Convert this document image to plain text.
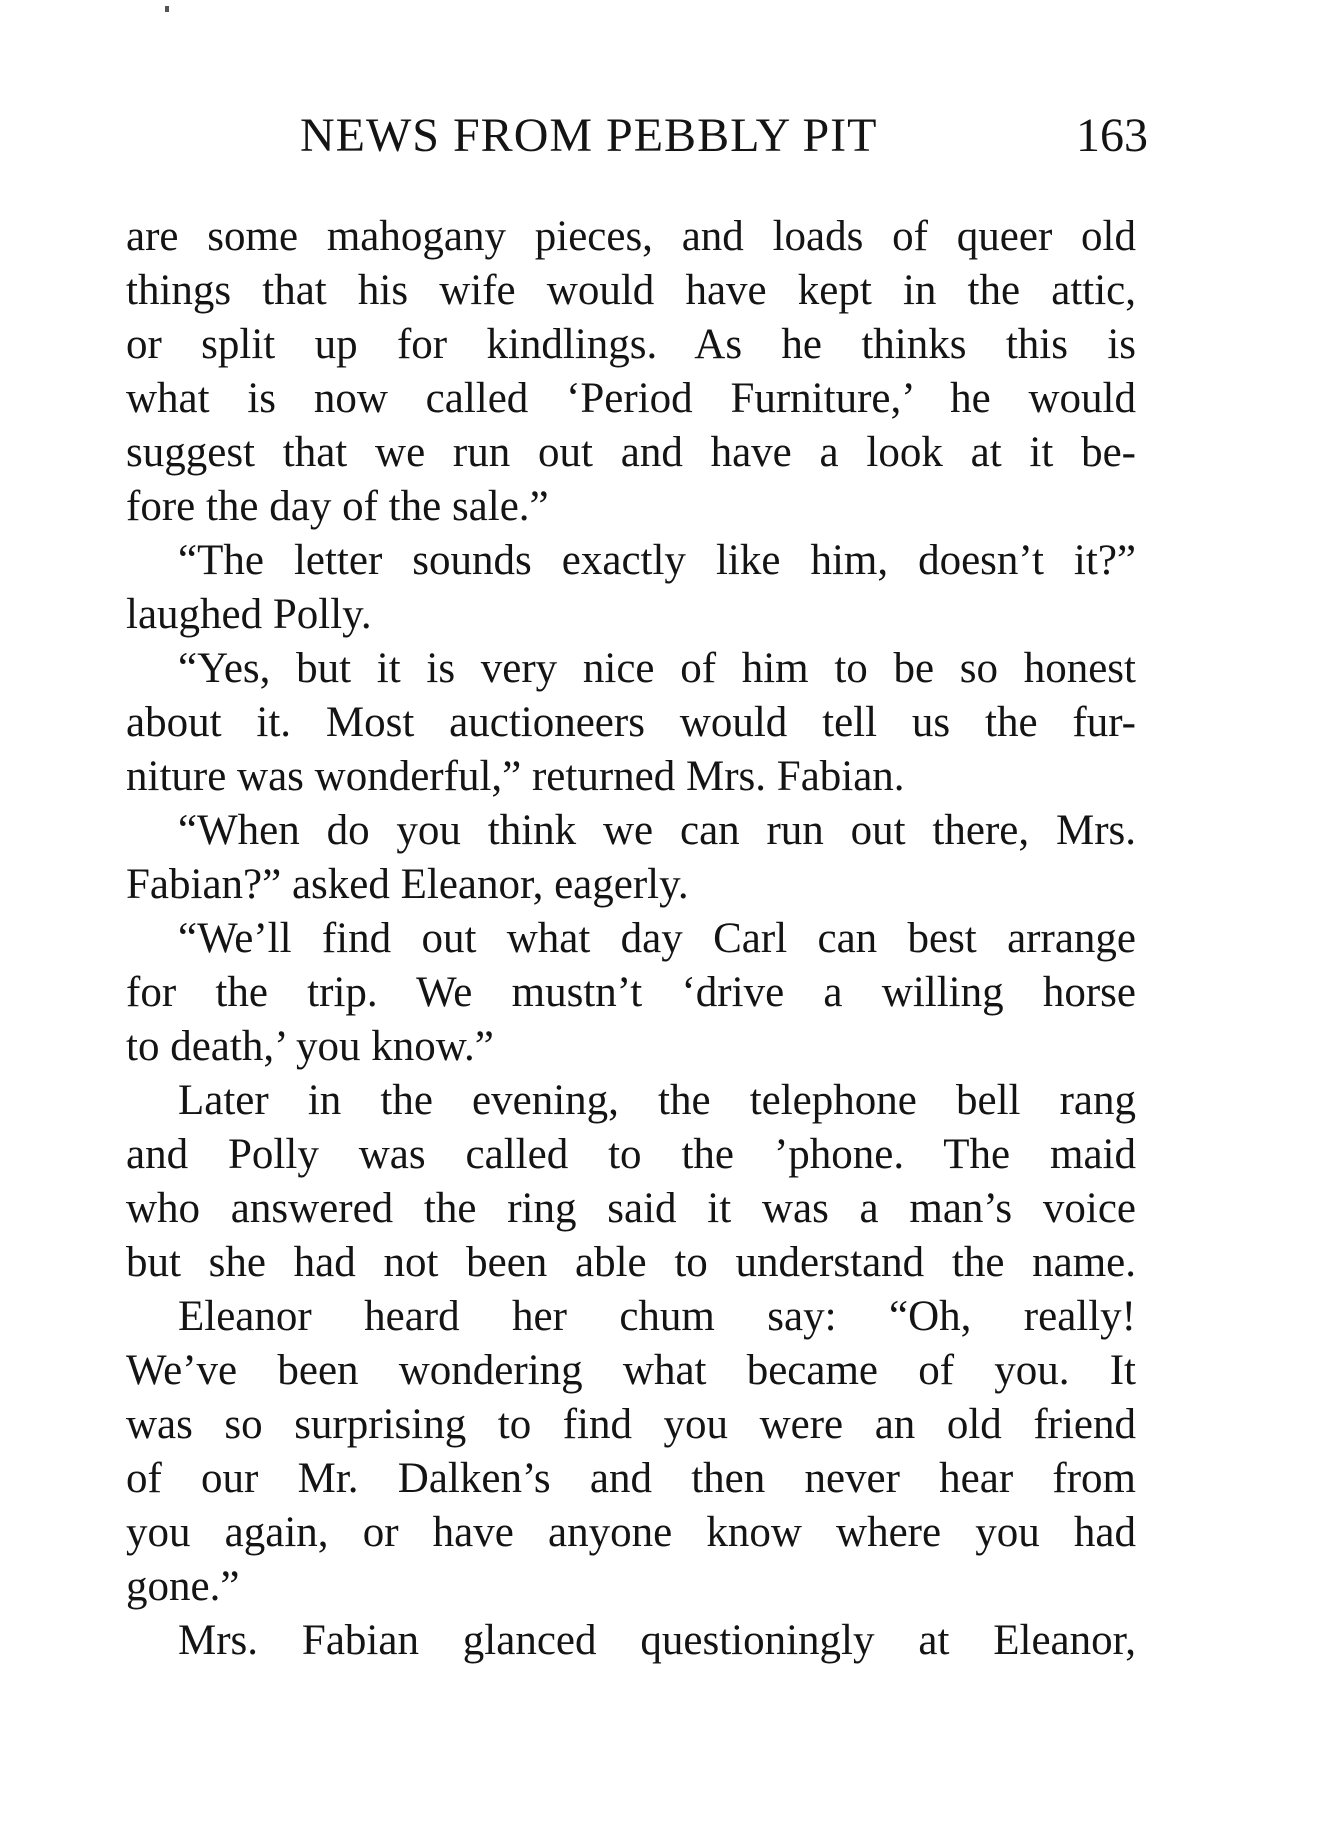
NEWS FROM PEBBLY PIT	163
are some mahogany pieces, and loads of queer old
things that his wife would have kept in the attic,
or split up for kindlings. As he thinks this is
what is now called ‘Period Furniture,’ he would
suggest that we run out and have a look at it be-
fore the day of the sale.”
“The letter sounds exactly like him, doesn’t it?”
laughed Polly.
“Yes, but it is very nice of him to be so honest
about it. Most auctioneers would tell us the fur-
niture was wonderful,” returned Mrs. Fabian.
“When do you think we can run out there, Mrs.
Fabian?” asked Eleanor, eagerly.
“We’ll find out what day Carl can best arrange
for the trip. We mustn’t ‘drive a willing horse
to death,’ you know.”
Later in the evening, the telephone bell rang
and Polly was called to the ’phone. The maid
who answered the ring said it was a man’s voice
but she had not been able to understand the name.
Eleanor heard her chum say: “Oh, really!
We’ve been wondering what became of you. It
was so surprising to find you were an old friend
of our Mr. Dalken’s and then never hear from
you again, or have anyone know where you had
gone.”
Mrs. Fabian glanced questioningly at Eleanor,
